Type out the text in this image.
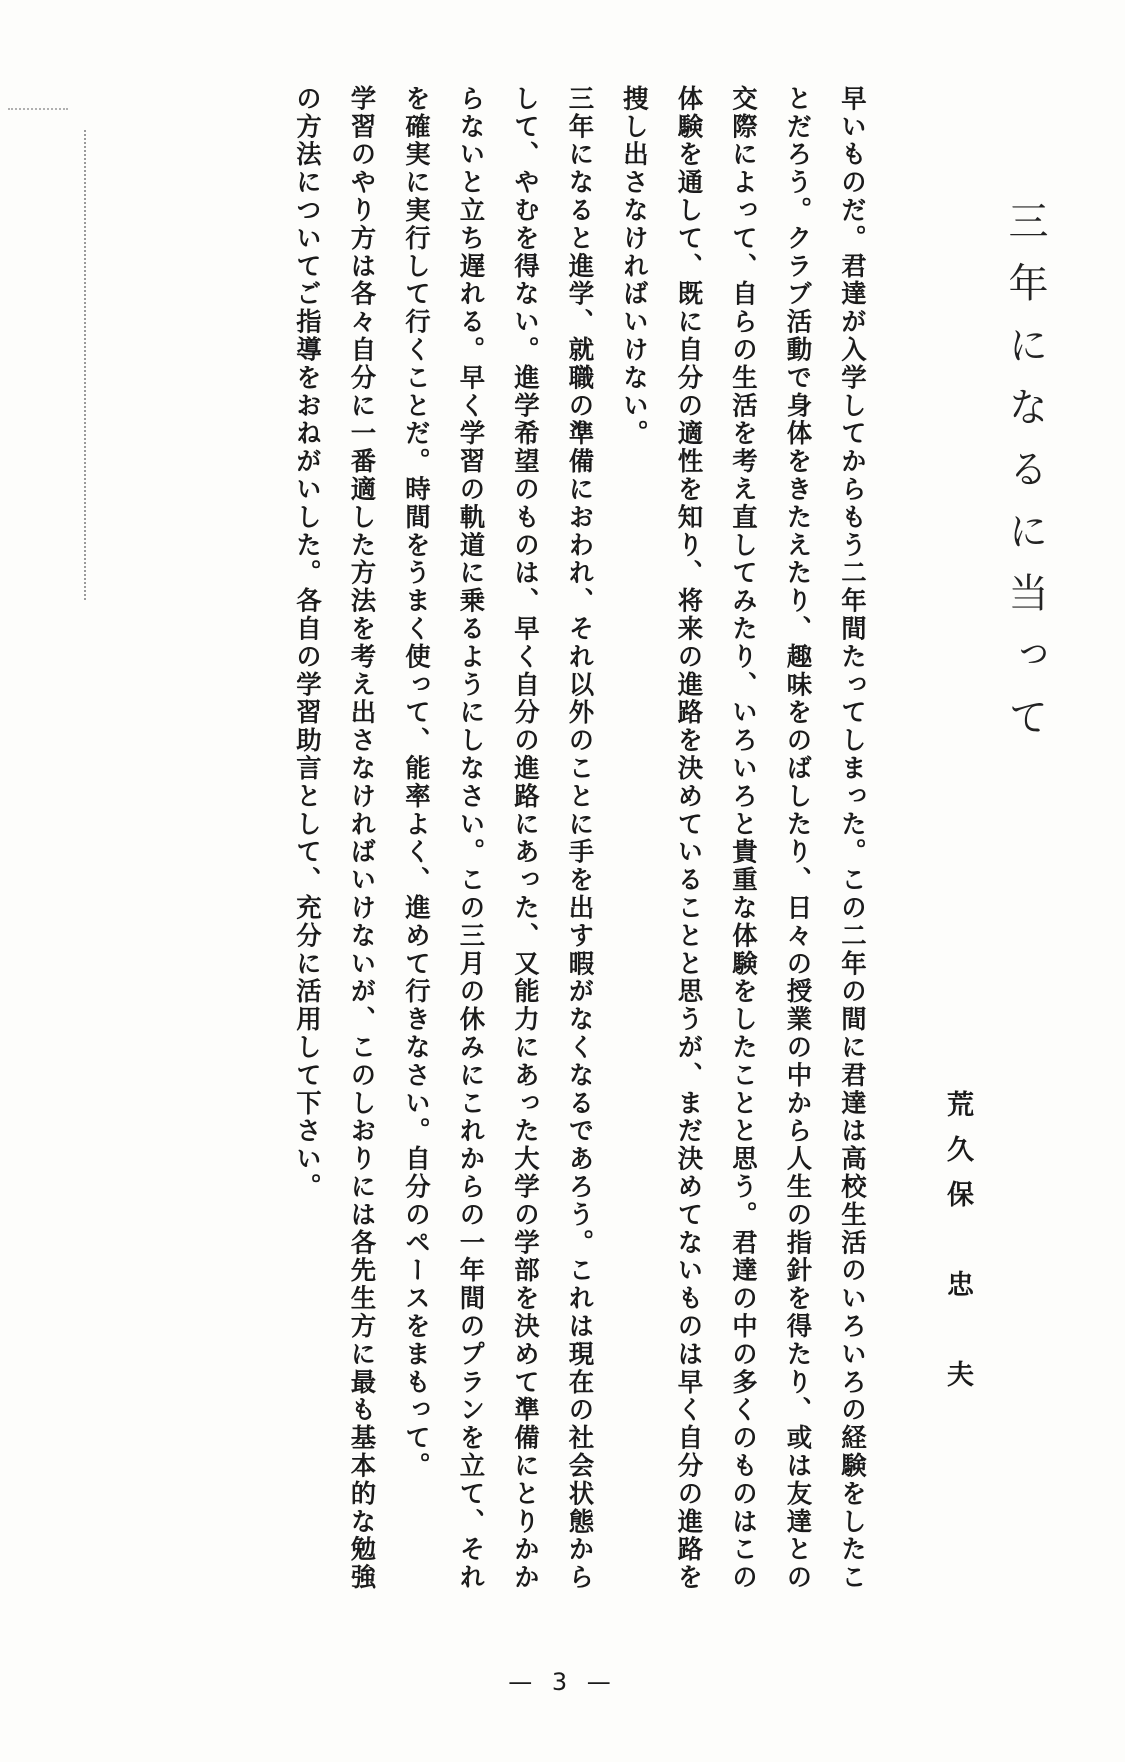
三年になるに当って
荒久保　忠　夫

早いものだ。君達が入学してからもう二年間たってしまった。この二年の間に君達は高校生活のいろいろの経験をしたことだろう。クラブ活動で身体をきたえたり、趣味をのばしたり、日々の授業の中から人生の指針を得たり、或は友達との交際によって、自らの生活を考え直してみたり、いろいろと貴重な体験をしたことと思う。君達の中の多くのものはこの体験を通して、既に自分の適性を知り、将来の進路を決めていることと思うが、まだ決めてないものは早く自分の進路を捜し出さなければいけない。

三年になると進学、就職の準備におわれ、それ以外のことに手を出す暇がなくなるであろう。これは現在の社会状態からして、やむを得ない。進学希望のものは、早く自分の進路にあった、又能力にあった大学の学部を決めて準備にとりかからないと立ち遅れる。早く学習の軌道に乗るようにしなさい。この三月の休みにこれからの一年間のプランを立て、それを確実に実行して行くことだ。時間をうまく使って、能率よく、進めて行きなさい。自分のペースをまもって。

学習のやり方は各々自分に一番適した方法を考え出さなければいけないが、このしおりには各先生方に最も基本的な勉強の方法についてご指導をおねがいした。各自の学習助言として、充分に活用して下さい。

— 3 —
